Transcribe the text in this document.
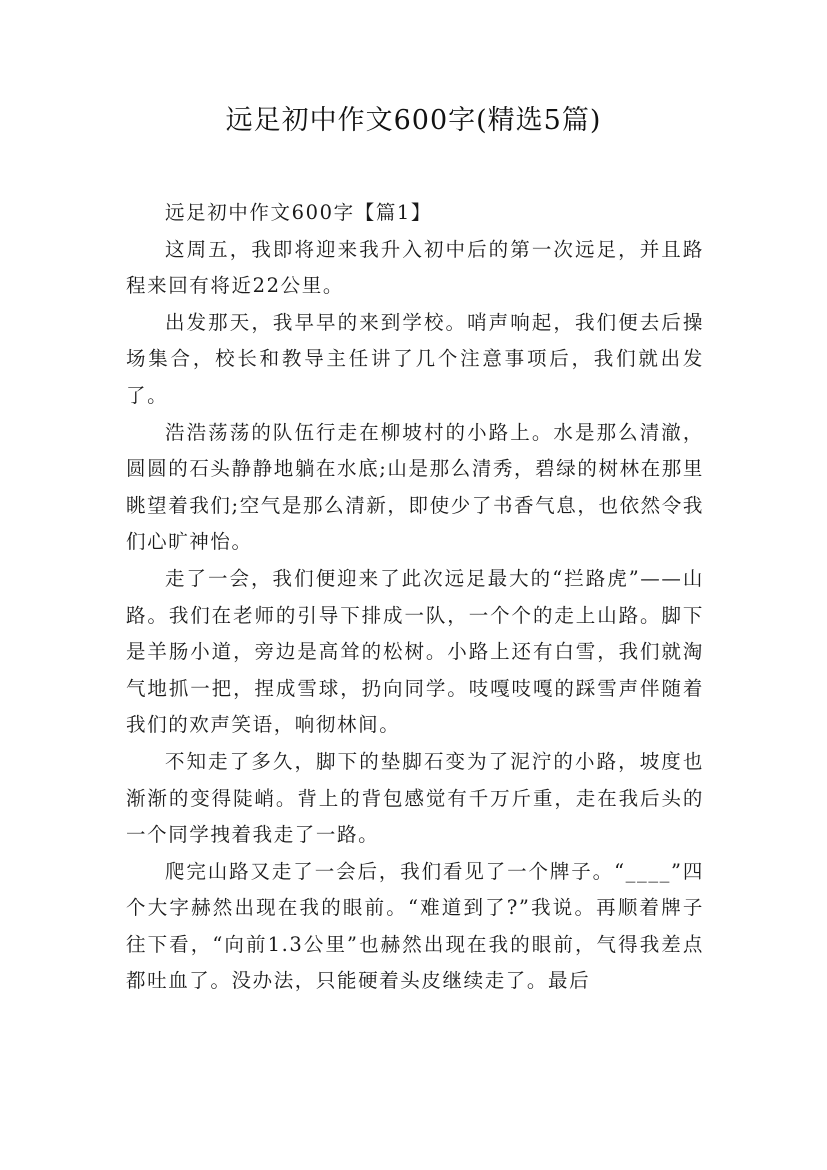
远足初中作文600字(精选5篇)
远足初中作文600字【篇1】

这周五，我即将迎来我升入初中后的第一次远足，并且路程来回有将近22公里。

出发那天，我早早的来到学校。哨声响起，我们便去后操场集合，校长和教导主任讲了几个注意事项后，我们就出发了。

浩浩荡荡的队伍行走在柳坡村的小路上。水是那么清澈，圆圆的石头静静地躺在水底;山是那么清秀，碧绿的树林在那里眺望着我们;空气是那么清新，即使少了书香气息，也依然令我们心旷神怡。

走了一会，我们便迎来了此次远足最大的“拦路虎”——山路。我们在老师的引导下排成一队，一个个的走上山路。脚下是羊肠小道，旁边是高耸的松树。小路上还有白雪，我们就淘气地抓一把，捏成雪球，扔向同学。吱嘎吱嘎的踩雪声伴随着我们的欢声笑语，响彻林间。

不知走了多久，脚下的垫脚石变为了泥泞的小路，坡度也渐渐的变得陡峭。背上的背包感觉有千万斤重，走在我后头的一个同学拽着我走了一路。

爬完山路又走了一会后，我们看见了一个牌子。“____”四个大字赫然出现在我的眼前。“难道到了?”我说。再顺着牌子往下看，“向前1.3公里”也赫然出现在我的眼前，气得我差点都吐血了。没办法，只能硬着头皮继续走了。最后
